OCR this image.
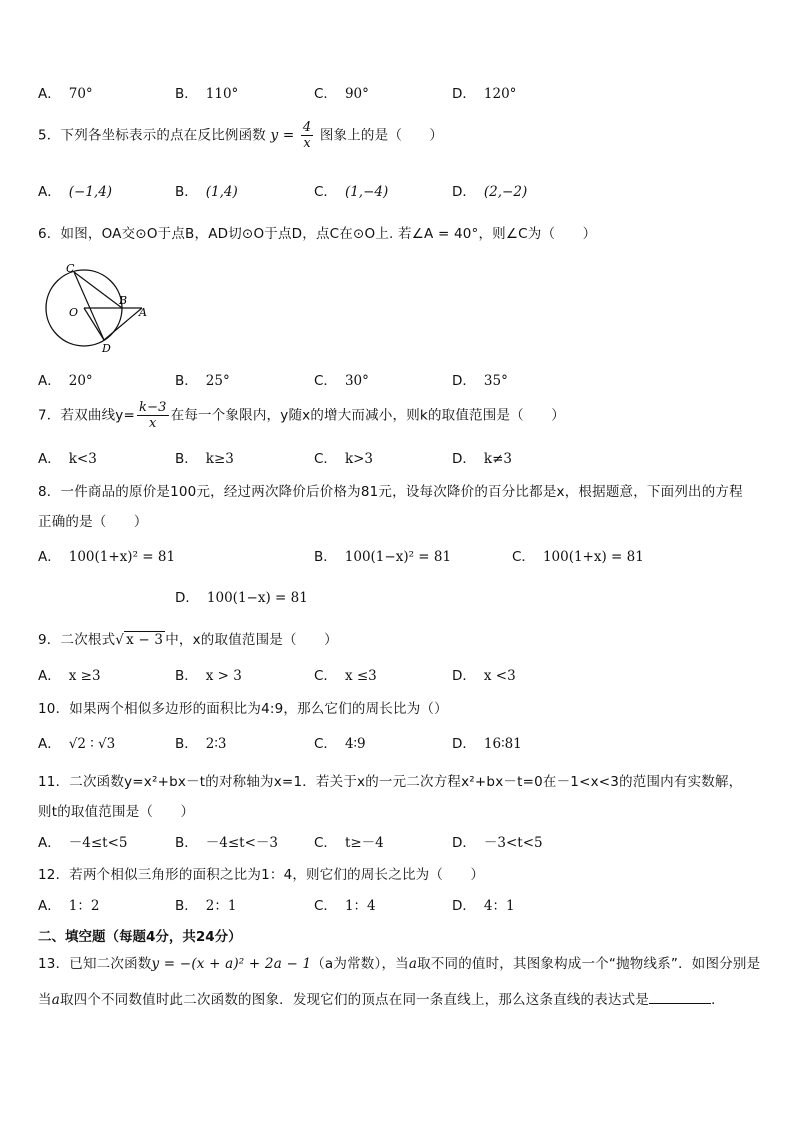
A． 70°	B． 110°	C． 90°	D． 120°
5．下列各坐标表示的点在反比例函数 $y = \frac{4}{x}$ 图象上的是（　　）
A． (−1,4)	B． (1,4)	C． (1,−4)	D． (2,−2)
6．如图，OA交⊙O于点B，AD切⊙O于点D，点C在⊙O上. 若∠A = 40°，则∠C为（　　）
C
O
B
A
D
A． 20°	B． 25°	C． 30°	D． 35°
7．若双曲线$y= \frac{k-3}{x}$ 在每一个象限内，y随x的增大而减小，则k的取值范围是（　　）
A． k<3	B． k≥3	C． k>3	D． k≠3
8．一件商品的原价是100元，经过两次降价后价格为81元，设每次降价的百分比都是x，根据题意，下面列出的方程
正确的是（　　）
A． 100(1+x)² = 81	B． 100(1−x)² = 81	C． 100(1+x) = 81
D． 100(1−x) = 81
9．二次根式√ x − 3 中，x的取值范围是（　　）
A． x ≥3	B． x > 3	C． x ≤3	D． x <3
10．如果两个相似多边形的面积比为4:9，那么它们的周长比为（）
A． √2 ∶ √3	B． 2∶3	C． 4∶9	D． 16∶81
11．二次函数y=x²+bx－t的对称轴为x=1．若关于x的一元二次方程x²+bx－t=0在－1<x<3的范围内有实数解，
则t的取值范围是（　　）
A． －4≤t<5	B． －4≤t<－3	C． t≥－4	D． －3<t<5
12．若两个相似三角形的面积之比为1：4，则它们的周长之比为（　　）
A． 1：2	B． 2：1	C． 1：4	D． 4：1
二、填空题（每题4分，共24分）
13．已知二次函数y = −(x + a)² + 2a − 1（a为常数），当a取不同的值时，其图象构成一个“抛物线系”．如图分别是
当a取四个不同数值时此二次函数的图象．发现它们的顶点在同一条直线上，那么这条直线的表达式是	．
